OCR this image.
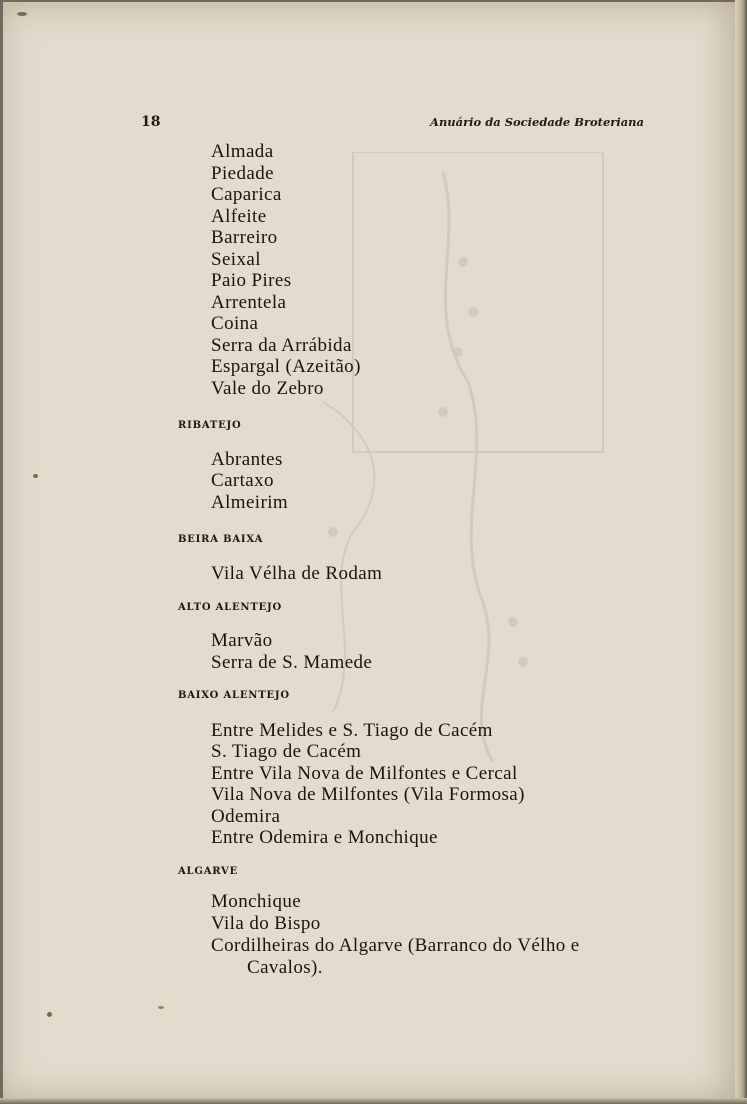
18	Anuário da Sociedade Broteriana
Almada
Piedade
Caparica
Alfeite
Barreiro
Seixal
Paio Pires
Arrentela
Coina
Serra da Arrábida
Espargal (Azeitão)
Vale do Zebro
RIBATEJO
Abrantes
Cartaxo
Almeirim
BEIRA BAIXA
Vila Vélha de Rodam
ALTO ALENTEJO
Marvão
Serra de S. Mamede
BAIXO ALENTEJO
Entre Melides e S. Tiago de Cacém
S. Tiago de Cacém
Entre Vila Nova de Milfontes e Cercal
Vila Nova de Milfontes (Vila Formosa)
Odemira
Entre Odemira e Monchique
ALGARVE
Monchique
Vila do Bispo
Cordilheiras do Algarve (Barranco do Vélho e
Cavalos).
